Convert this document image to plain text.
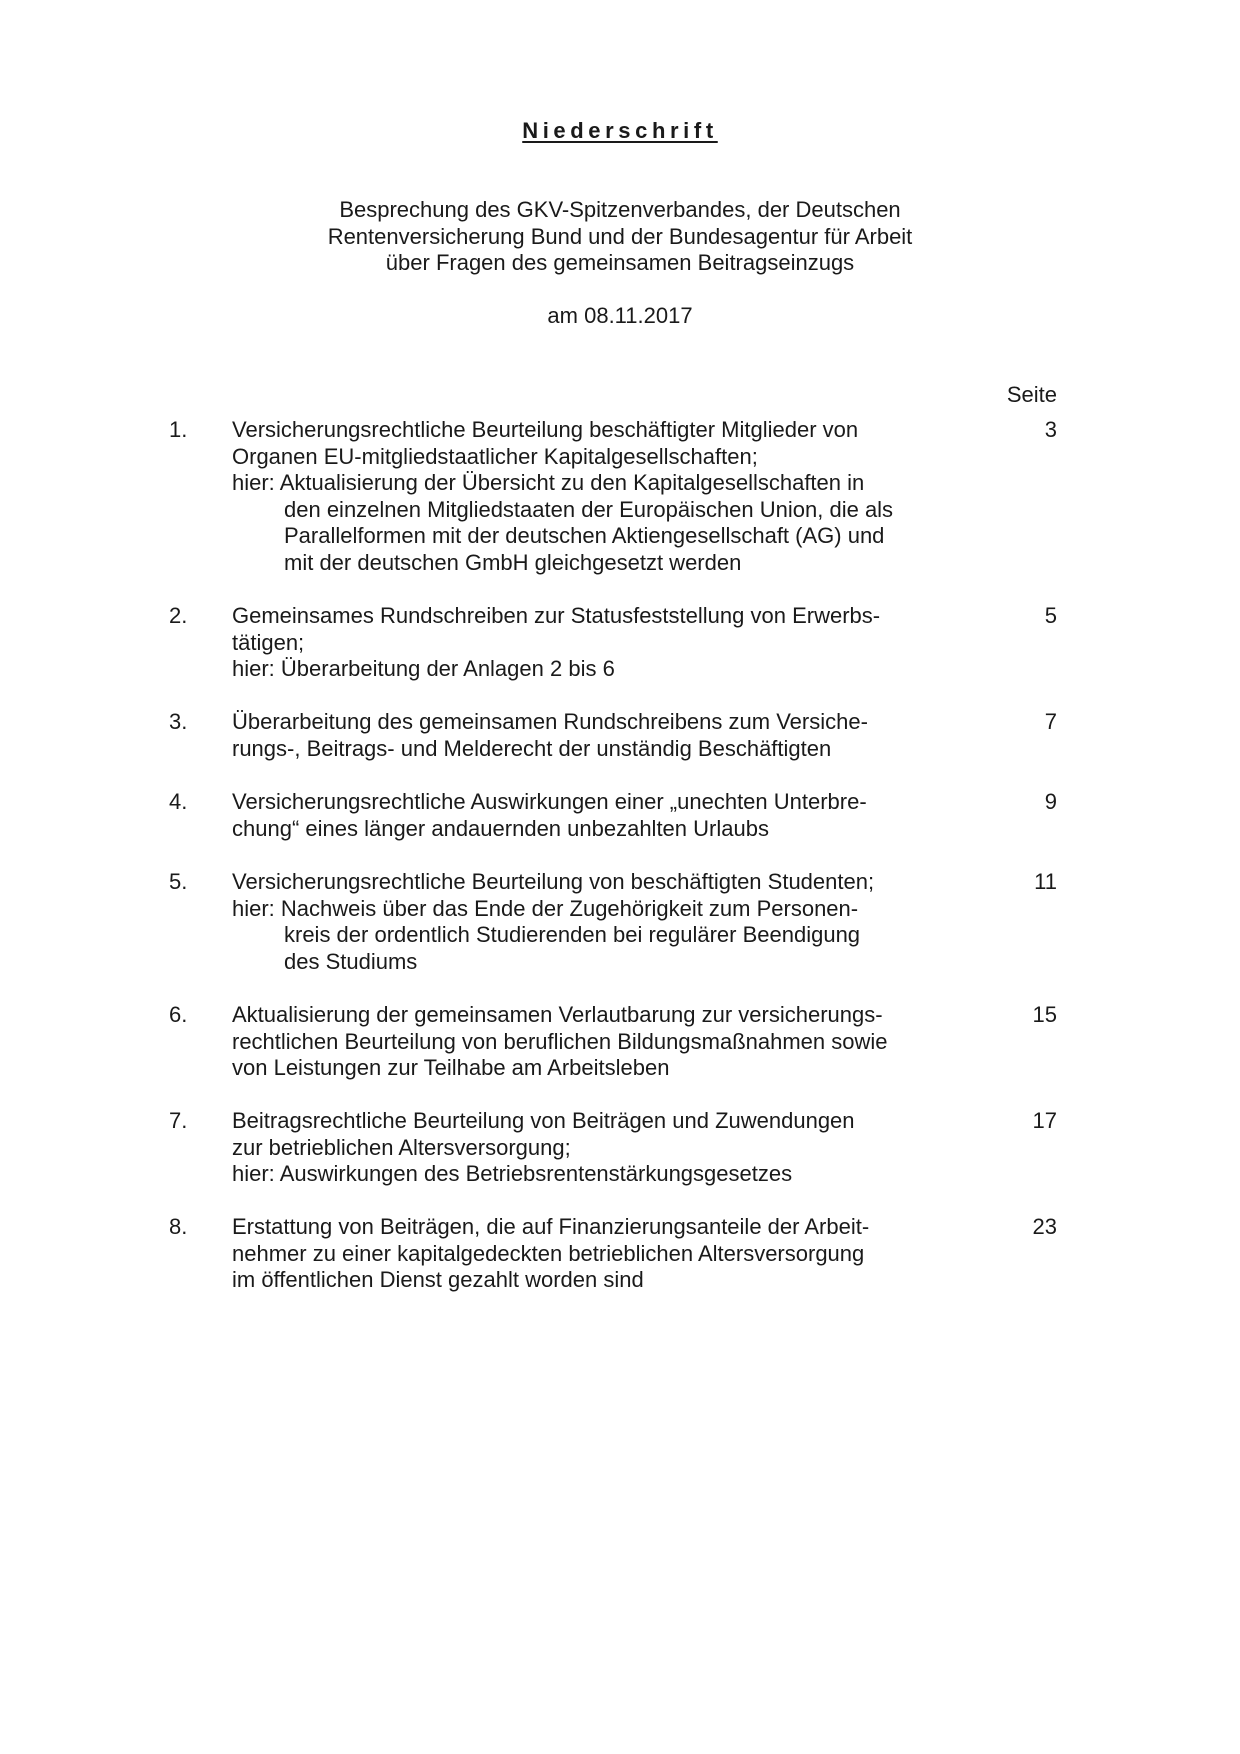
Niederschrift
Besprechung des GKV-Spitzenverbandes, der Deutschen
Rentenversicherung Bund und der Bundesagentur für Arbeit
über Fragen des gemeinsamen Beitragseinzugs
am 08.11.2017
Seite
1. Versicherungsrechtliche Beurteilung beschäftigter Mitglieder von
Organen EU-mitgliedstaatlicher Kapitalgesellschaften;
hier: Aktualisierung der Übersicht zu den Kapitalgesellschaften in
den einzelnen Mitgliedstaaten der Europäischen Union, die als
Parallelformen mit der deutschen Aktiengesellschaft (AG) und
mit der deutschen GmbH gleichgesetzt werden
3
2. Gemeinsames Rundschreiben zur Statusfeststellung von Erwerbs-
tätigen;
hier: Überarbeitung der Anlagen 2 bis 6
5
3. Überarbeitung des gemeinsamen Rundschreibens zum Versiche-
rungs-, Beitrags- und Melderecht der unständig Beschäftigten
7
4. Versicherungsrechtliche Auswirkungen einer „unechten Unterbre-
chung“ eines länger andauernden unbezahlten Urlaubs
9
5. Versicherungsrechtliche Beurteilung von beschäftigten Studenten;
hier: Nachweis über das Ende der Zugehörigkeit zum Personen-
kreis der ordentlich Studierenden bei regulärer Beendigung
des Studiums
11
6. Aktualisierung der gemeinsamen Verlautbarung zur versicherungs-
rechtlichen Beurteilung von beruflichen Bildungsmaßnahmen sowie
von Leistungen zur Teilhabe am Arbeitsleben
15
7. Beitragsrechtliche Beurteilung von Beiträgen und Zuwendungen
zur betrieblichen Altersversorgung;
hier: Auswirkungen des Betriebsrentenstärkungsgesetzes
17
8. Erstattung von Beiträgen, die auf Finanzierungsanteile der Arbeit-
nehmer zu einer kapitalgedeckten betrieblichen Altersversorgung
im öffentlichen Dienst gezahlt worden sind
23
